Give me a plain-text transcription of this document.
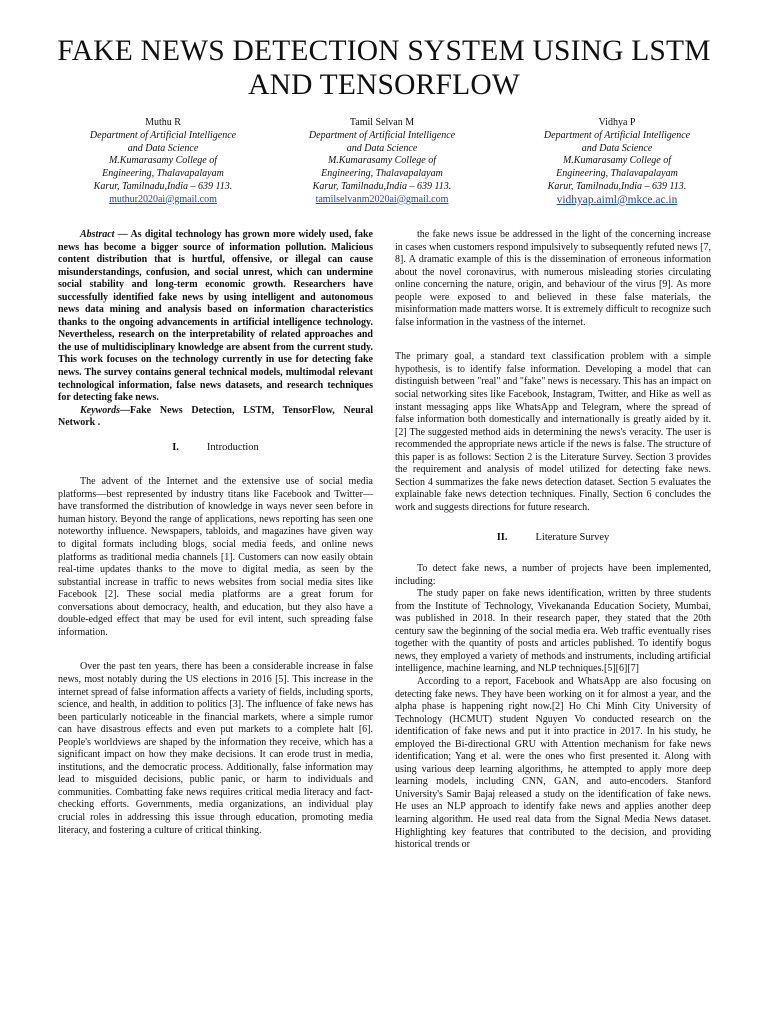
FAKE NEWS DETECTION SYSTEM USING LSTM AND TENSORFLOW
Muthu R
Department of Artificial Intelligence
and Data Science
M.Kumarasamy College of
Engineering, Thalavapalayam
Karur, Tamilnadu,India – 639 113.
muthur2020ai@gmail.com
Tamil Selvan M
Department of Artificial Intelligence
and Data Science
M.Kumarasamy College of
Engineering, Thalavapalayam
Karur, Tamilnadu,India – 639 113.
tamilselvanm2020ai@gmail.com
Vidhya P
Department of Artificial Intelligence
and Data Science
M.Kumarasamy College of
Engineering, Thalavapalayam
Karur, Tamilnadu,India – 639 113.
vidhyap.aiml@mkce.ac.in

Abstract — As digital technology has grown more widely used, fake news has become a bigger source of information pollution. Malicious content distribution that is hurtful, offensive, or illegal can cause misunderstandings, confusion, and social unrest, which can undermine social stability and long-term economic growth. Researchers have successfully identified fake news by using intelligent and autonomous news data mining and analysis based on information characteristics thanks to the ongoing advancements in artificial intelligence technology. Nevertheless, research on the interpretability of related approaches and the use of multidisciplinary knowledge are absent from the current study. This work focuses on the technology currently in use for detecting fake news. The survey contains general technical models, multimodal relevant technological information, false news datasets, and research techniques for detecting fake news.

Keywords—Fake News Detection, LSTM, TensorFlow, Neural Network .

I.	Introduction

The advent of the Internet and the extensive use of social media platforms—best represented by industry titans like Facebook and Twitter—have transformed the distribution of knowledge in ways never seen before in human history. Beyond the range of applications, news reporting has seen one noteworthy influence. Newspapers, tabloids, and magazines have given way to digital formats including blogs, social media feeds, and online news platforms as traditional media channels [1]. Customers can now easily obtain real-time updates thanks to the move to digital media, as seen by the substantial increase in traffic to news websites from social media sites like Facebook [2]. These social media platforms are a great forum for conversations about democracy, health, and education, but they also have a double-edged effect that may be used for evil intent, such spreading false information.

Over the past ten years, there has been a considerable increase in false news, most notably during the US elections in 2016 [5]. This increase in the internet spread of false information affects a variety of fields, including sports, science, and health, in addition to politics [3]. The influence of fake news has been particularly noticeable in the financial markets, where a simple rumor can have disastrous effects and even put markets to a complete halt [6]. People's worldviews are shaped by the information they receive, which has a significant impact on how they make decisions. It can erode trust in media, institutions, and the democratic process. Additionally, false information may lead to misguided decisions, public panic, or harm to individuals and communities. Combatting fake news requires critical media literacy and fact-checking efforts. Governments, media organizations, an individual play crucial roles in addressing this issue through education, promoting media literacy, and fostering a culture of critical thinking.

the fake news issue be addressed in the light of the concerning increase in cases when customers respond impulsively to subsequently refuted news [7, 8]. A dramatic example of this is the dissemination of erroneous information about the novel coronavirus, with numerous misleading stories circulating online concerning the nature, origin, and behaviour of the virus [9]. As more people were exposed to and believed in these false materials, the misinformation made matters worse. It is extremely difficult to recognize such false information in the vastness of the internet.

The primary goal, a standard text classification problem with a simple hypothesis, is to identify false information. Developing a model that can distinguish between "real" and "fake" news is necessary. This has an impact on social networking sites like Facebook, Instagram, Twitter, and Hike as well as instant messaging apps like WhatsApp and Telegram, where the spread of false information both domestically and internationally is greatly aided by it.[2] The suggested method aids in determining the news's veracity. The user is recommended the appropriate news article if the news is false. The structure of this paper is as follows: Section 2 is the Literature Survey. Section 3 provides the requirement and analysis of model utilized for detecting fake news. Section 4 summarizes the fake news detection dataset. Section 5 evaluates the explainable fake news detection techniques. Finally, Section 6 concludes the work and suggests directions for future research.

II.	Literature Survey

To detect fake news, a number of projects have been implemented, including:

The study paper on fake news identification, written by three students from the Institute of Technology, Vivekananda Education Society, Mumbai, was published in 2018. In their research paper, they stated that the 20th century saw the beginning of the social media era. Web traffic eventually rises together with the quantity of posts and articles published. To identify bogus news, they employed a variety of methods and instruments, including artificial intelligence, machine learning, and NLP techniques.[5][6][7]

According to a report, Facebook and WhatsApp are also focusing on detecting fake news. They have been working on it for almost a year, and the alpha phase is happening right now.[2] Ho Chi Minh City University of Technology (HCMUT) student Nguyen Vo conducted research on the identification of fake news and put it into practice in 2017. In his study, he employed the Bi-directional GRU with Attention mechanism for fake news identification; Yang et al. were the ones who first presented it. Along with using various deep learning algorithms, he attempted to apply more deep learning models, including CNN, GAN, and auto-encoders. Stanford University's Samir Bajaj released a study on the identification of fake news. He uses an NLP approach to identify fake news and applies another deep learning algorithm. He used real data from the Signal Media News dataset. Highlighting key features that contributed to the decision, and providing historical trends or
